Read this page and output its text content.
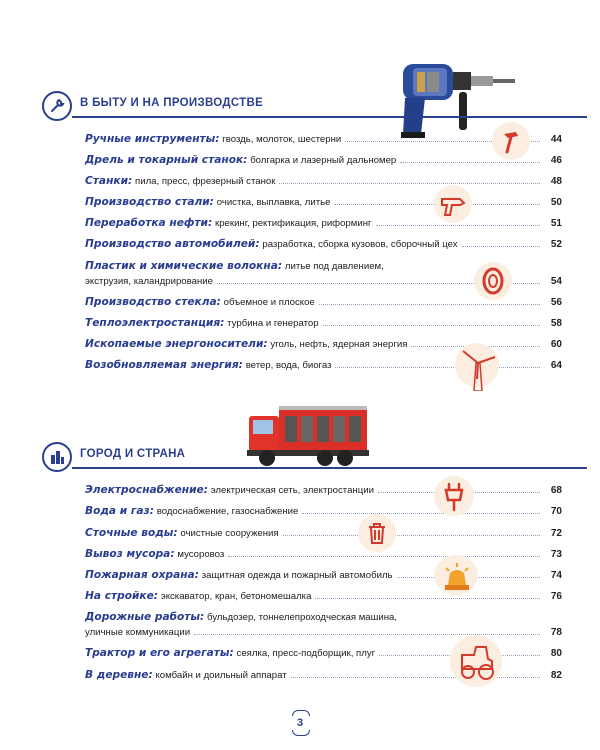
В БЫТУ И НА ПРОИЗВОДСТВЕ
Ручные инструменты: гвоздь, молоток, шестерни	44
Дрель и токарный станок: болгарка и лазерный дальномер	46
Станки: пила, пресс, фрезерный станок	48
Производство стали: очистка, выплавка, литье	50
Переработка нефти: крекинг, ректификация, риформинг	51
Производство автомобилей: разработка, сборка кузовов, сборочный цех	52
Пластик и химические волокна: литье под давлением,
экструзия, каландрирование	54
Производство стекла: объемное и плоское	56
Теплоэлектростанция: турбина и генератор	58
Ископаемые энергоносители: уголь, нефть, ядерная энергия	60
Возобновляемая энергия: ветер, вода, биогаз	64
ГОРОД И СТРАНА
Электроснабжение: электрическая сеть, электростанции	68
Вода и газ: водоснабжение, газоснабжение	70
Сточные воды: очистные сооружения	72
Вывоз мусора: мусоровоз	73
Пожарная охрана: защитная одежда и пожарный автомобиль	74
На стройке: экскаватор, кран, бетономешалка	76
Дорожные работы: бульдозер, тоннелепроходческая машина,
уличные коммуникации	78
Трактор и его агрегаты: сеялка, пресс-подборщик, плуг	80
В деревне: комбайн и доильный аппарат	82
3
